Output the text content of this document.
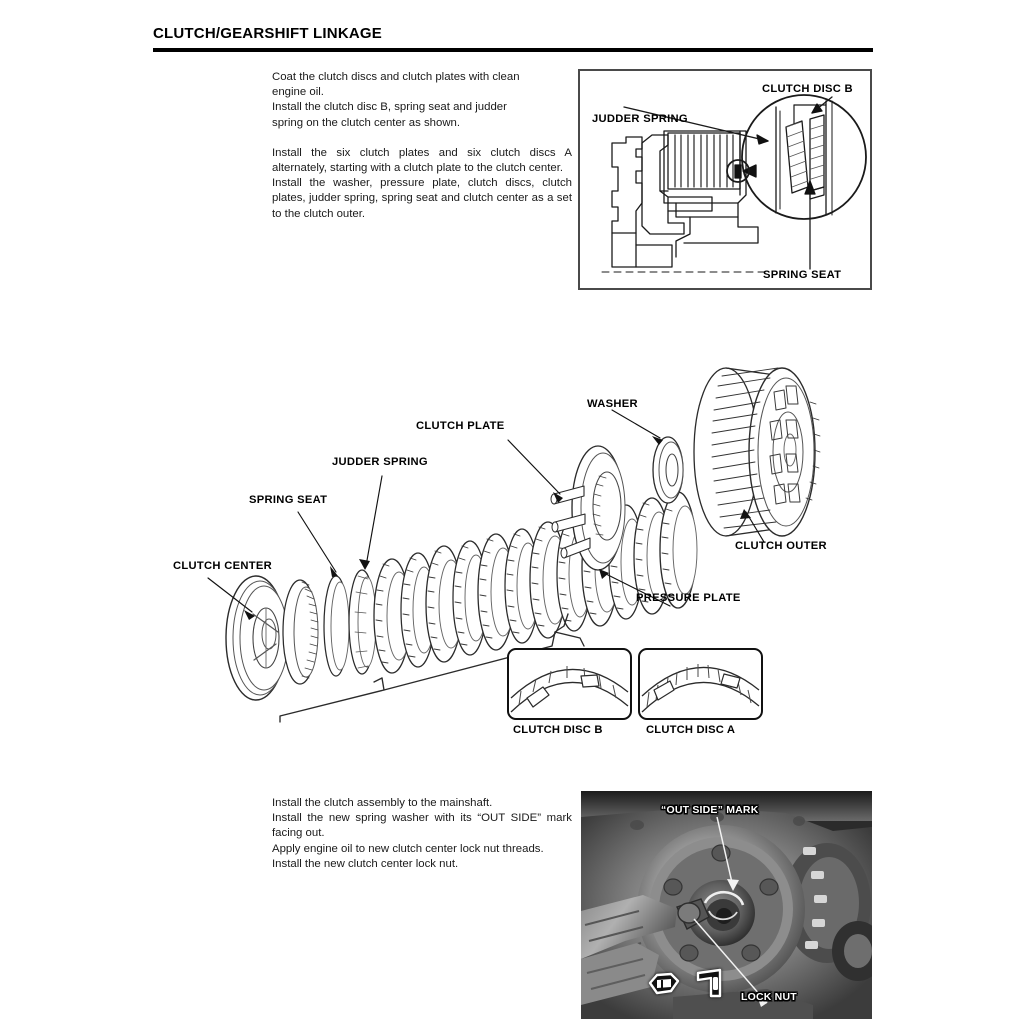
CLUTCH/GEARSHIFT LINKAGE

Coat the clutch discs and clutch plates with clean

engine oil.

Install the clutch disc B, spring seat and judder

spring on the clutch center as shown.

Install the six clutch plates and six clutch discs A alternately, starting with a clutch plate to the clutch center.

Install the washer, pressure plate, clutch discs, clutch plates, judder spring, spring seat and clutch center as a set to the clutch outer.

CLUTCH DISC B
JUDDER SPRING
SPRING SEAT
CLUTCH CENTER
SPRING SEAT
JUDDER SPRING
CLUTCH PLATE
WASHER
CLUTCH OUTER
PRESSURE PLATE
CLUTCH DISC B	CLUTCH DISC A

Install the clutch assembly to the mainshaft.

Install the new spring washer with its “OUT SIDE” mark facing out.

Apply engine oil to new clutch center lock nut threads.

Install the new clutch center lock nut.

“OUT SIDE” MARK
LOCK NUT
